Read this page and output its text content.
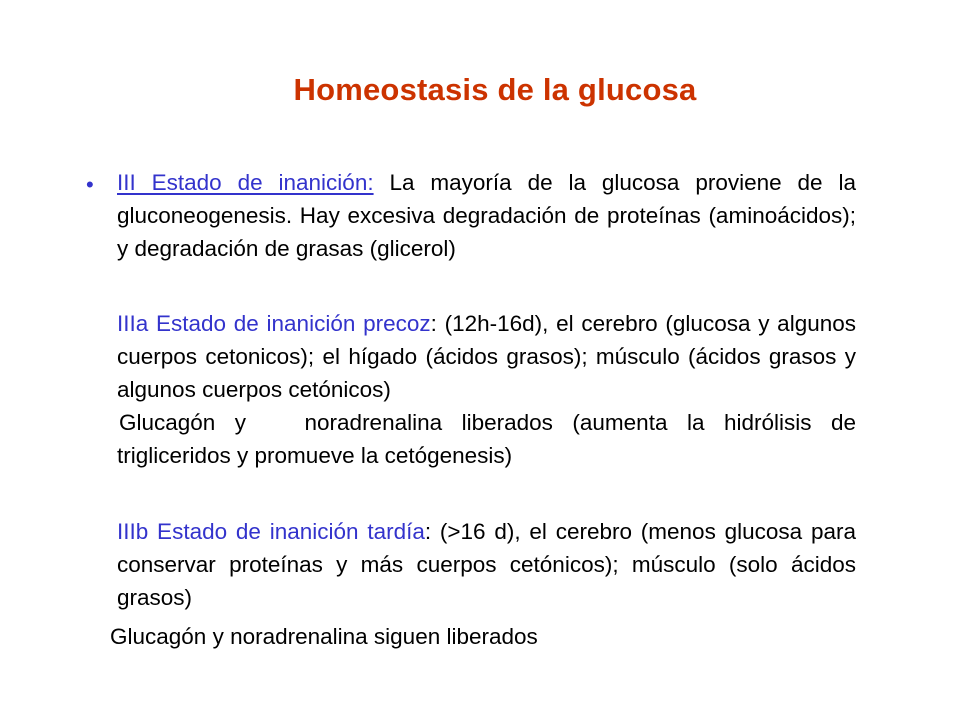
Homeostasis de la glucosa
• III Estado de inanición: La mayoría de la glucosa proviene de la gluconeogenesis. Hay excesiva degradación de proteínas (aminoácidos); y degradación de grasas (glicerol)
IIIa Estado de inanición precoz: (12h-16d), el cerebro (glucosa y algunos cuerpos cetonicos); el hígado (ácidos grasos); músculo (ácidos grasos y algunos cuerpos cetónicos)
Glucagón y   noradrenalina liberados (aumenta la hidrólisis de trigliceridos y promueve la cetógenesis)
IIIb Estado de inanición tardía: (>16 d), el cerebro (menos glucosa para conservar proteínas y más cuerpos cetónicos); músculo (solo ácidos grasos)
Glucagón y noradrenalina siguen liberados
